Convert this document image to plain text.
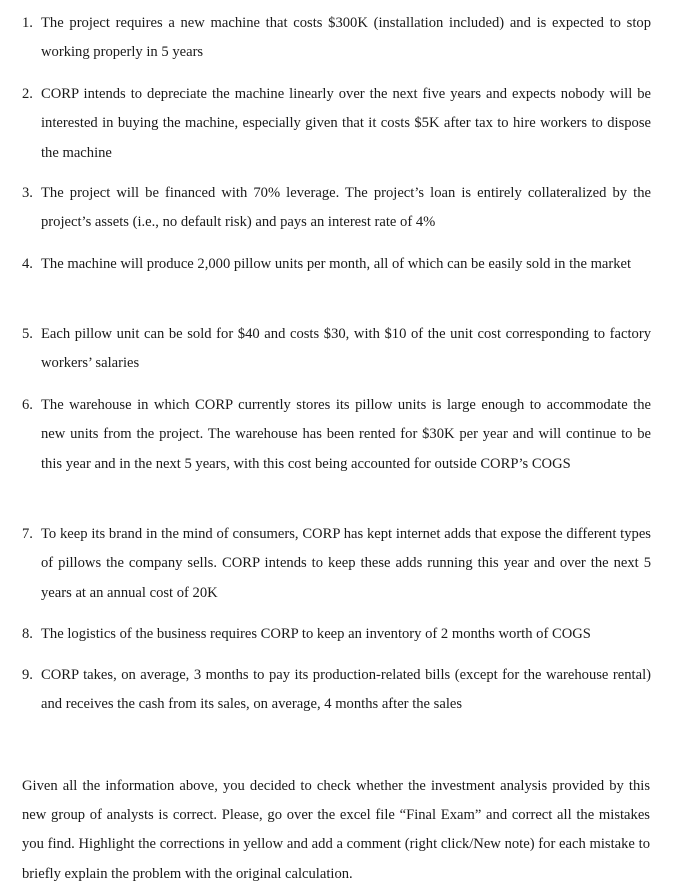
1. The project requires a new machine that costs $300K (installation included) and is expected to stop working properly in 5 years
2. CORP intends to depreciate the machine linearly over the next five years and expects nobody will be interested in buying the machine, especially given that it costs $5K after tax to hire workers to dispose the machine
3. The project will be financed with 70% leverage. The project’s loan is entirely collateralized by the project’s assets (i.e., no default risk) and pays an interest rate of 4%
4. The machine will produce 2,000 pillow units per month, all of which can be easily sold in the market
5. Each pillow unit can be sold for $40 and costs $30, with $10 of the unit cost corresponding to factory workers’ salaries
6. The warehouse in which CORP currently stores its pillow units is large enough to accommodate the new units from the project. The warehouse has been rented for $30K per year and will continue to be this year and in the next 5 years, with this cost being accounted for outside CORP’s COGS
7. To keep its brand in the mind of consumers, CORP has kept internet adds that expose the different types of pillows the company sells. CORP intends to keep these adds running this year and over the next 5 years at an annual cost of 20K
8. The logistics of the business requires CORP to keep an inventory of 2 months worth of COGS
9. CORP takes, on average, 3 months to pay its production-related bills (except for the warehouse rental) and receives the cash from its sales, on average, 4 months after the sales

Given all the information above, you decided to check whether the investment analysis provided by this new group of analysts is correct. Please, go over the excel file “Final Exam” and correct all the mistakes you find. Highlight the corrections in yellow and add a comment (right click/New note) for each mistake to briefly explain the problem with the original calculation.
